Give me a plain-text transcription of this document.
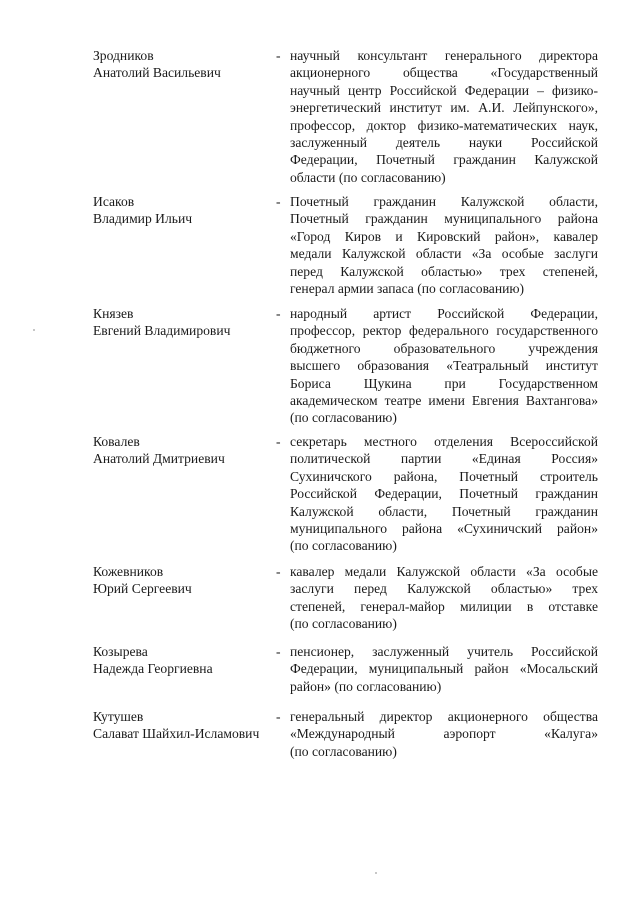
Зродников
Анатолий Васильевич
- научный консультант генерального директора
акционерного общества «Государственный
научный центр Российской Федерации – физико-
энергетический институт им. А.И. Лейпунского»,
профессор, доктор физико-математических наук,
заслуженный деятель науки Российской
Федерации, Почетный гражданин Калужской
области (по согласованию)
Исаков
Владимир Ильич
- Почетный гражданин Калужской области,
Почетный гражданин муниципального района
«Город Киров и Кировский район», кавалер
медали Калужской области «За особые заслуги
перед Калужской областью» трех степеней,
генерал армии запаса (по согласованию)
Князев
Евгений Владимирович
- народный артист Российской Федерации,
профессор, ректор федерального государственного
бюджетного образовательного учреждения
высшего образования «Театральный институт
Бориса Щукина при Государственном
академическом театре имени Евгения Вахтангова»
(по согласованию)
Ковалев
Анатолий Дмитриевич
- секретарь местного отделения Всероссийской
политической партии «Единая Россия»
Сухиничского района, Почетный строитель
Российской Федерации, Почетный гражданин
Калужской области, Почетный гражданин
муниципального района «Сухиничский район»
(по согласованию)
Кожевников
Юрий Сергеевич
- кавалер медали Калужской области «За особые
заслуги перед Калужской областью» трех
степеней, генерал-майор милиции в отставке
(по согласованию)
Козырева
Надежда Георгиевна
- пенсионер, заслуженный учитель Российской
Федерации, муниципальный район «Мосальский
район» (по согласованию)
Кутушев
Салават Шайхил-Исламович
- генеральный директор акционерного общества
«Международный аэропорт «Калуга»
(по согласованию)
